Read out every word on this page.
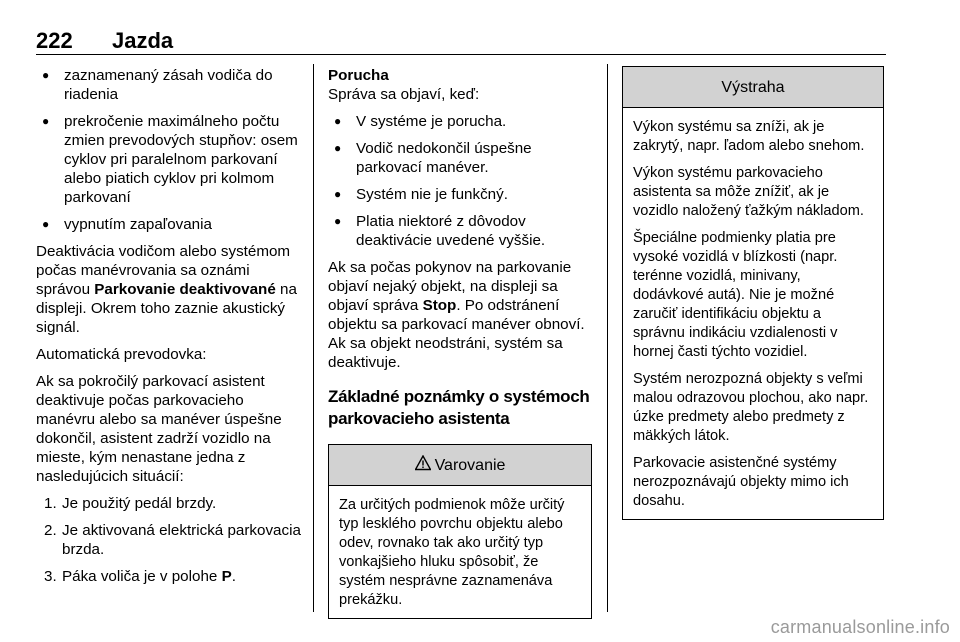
222 Jazda
● zaznamenaný zásah vodiča do riadenia
● prekročenie maximálneho počtu zmien prevodových stupňov: osem cyklov pri paralelnom parkovaní alebo piatich cyklov pri kolmom parkovaní
● vypnutím zapaľovania

Deaktivácia vodičom alebo systémom počas manévrovania sa oznámi správou Parkovanie deaktivované na displeji. Okrem toho zaznie akustický signál.

Automatická prevodovka:

Ak sa pokročilý parkovací asistent deaktivuje počas parkovacieho manévru alebo sa manéver úspešne dokončil, asistent zadrží vozidlo na mieste, kým nenastane jedna z nasledujúcich situácií:

1. Je použitý pedál brzdy.
2. Je aktivovaná elektrická parkovacia brzda.
3. Páka voliča je v polohe P.
Porucha

Správa sa objaví, keď:

● V systéme je porucha.
● Vodič nedokončil úspešne parkovací manéver.
● Systém nie je funkčný.
● Platia niektoré z dôvodov deaktivácie uvedené vyššie.

Ak sa počas pokynov na parkovanie objaví nejaký objekt, na displeji sa objaví správa Stop. Po odstránení objektu sa parkovací manéver obnoví. Ak sa objekt neodstráni, systém sa deaktivuje.

Základné poznámky o systémoch parkovacieho asistenta
Varovanie

Za určitých podmienok môže určitý typ lesklého povrchu objektu alebo odev, rovnako tak ako určitý typ vonkajšieho hluku spôsobiť, že systém nesprávne zaznamenáva prekážku.

Výstraha

Výkon systému sa zníži, ak je zakrytý, napr. ľadom alebo snehom.

Výkon systému parkovacieho asistenta sa môže znížiť, ak je vozidlo naložený ťažkým nákladom.

Špeciálne podmienky platia pre vysoké vozidlá v blízkosti (napr. terénne vozidlá, minivany, dodávkové autá). Nie je možné zaručiť identifikáciu objektu a správnu indikáciu vzdialenosti v hornej časti týchto vozidiel.

Systém nerozpozná objekty s veľmi malou odrazovou plochou, ako napr. úzke predmety alebo predmety z mäkkých látok.

Parkovacie asistenčné systémy nerozpoznávajú objekty mimo ich dosahu.

carmanualsonline.info
